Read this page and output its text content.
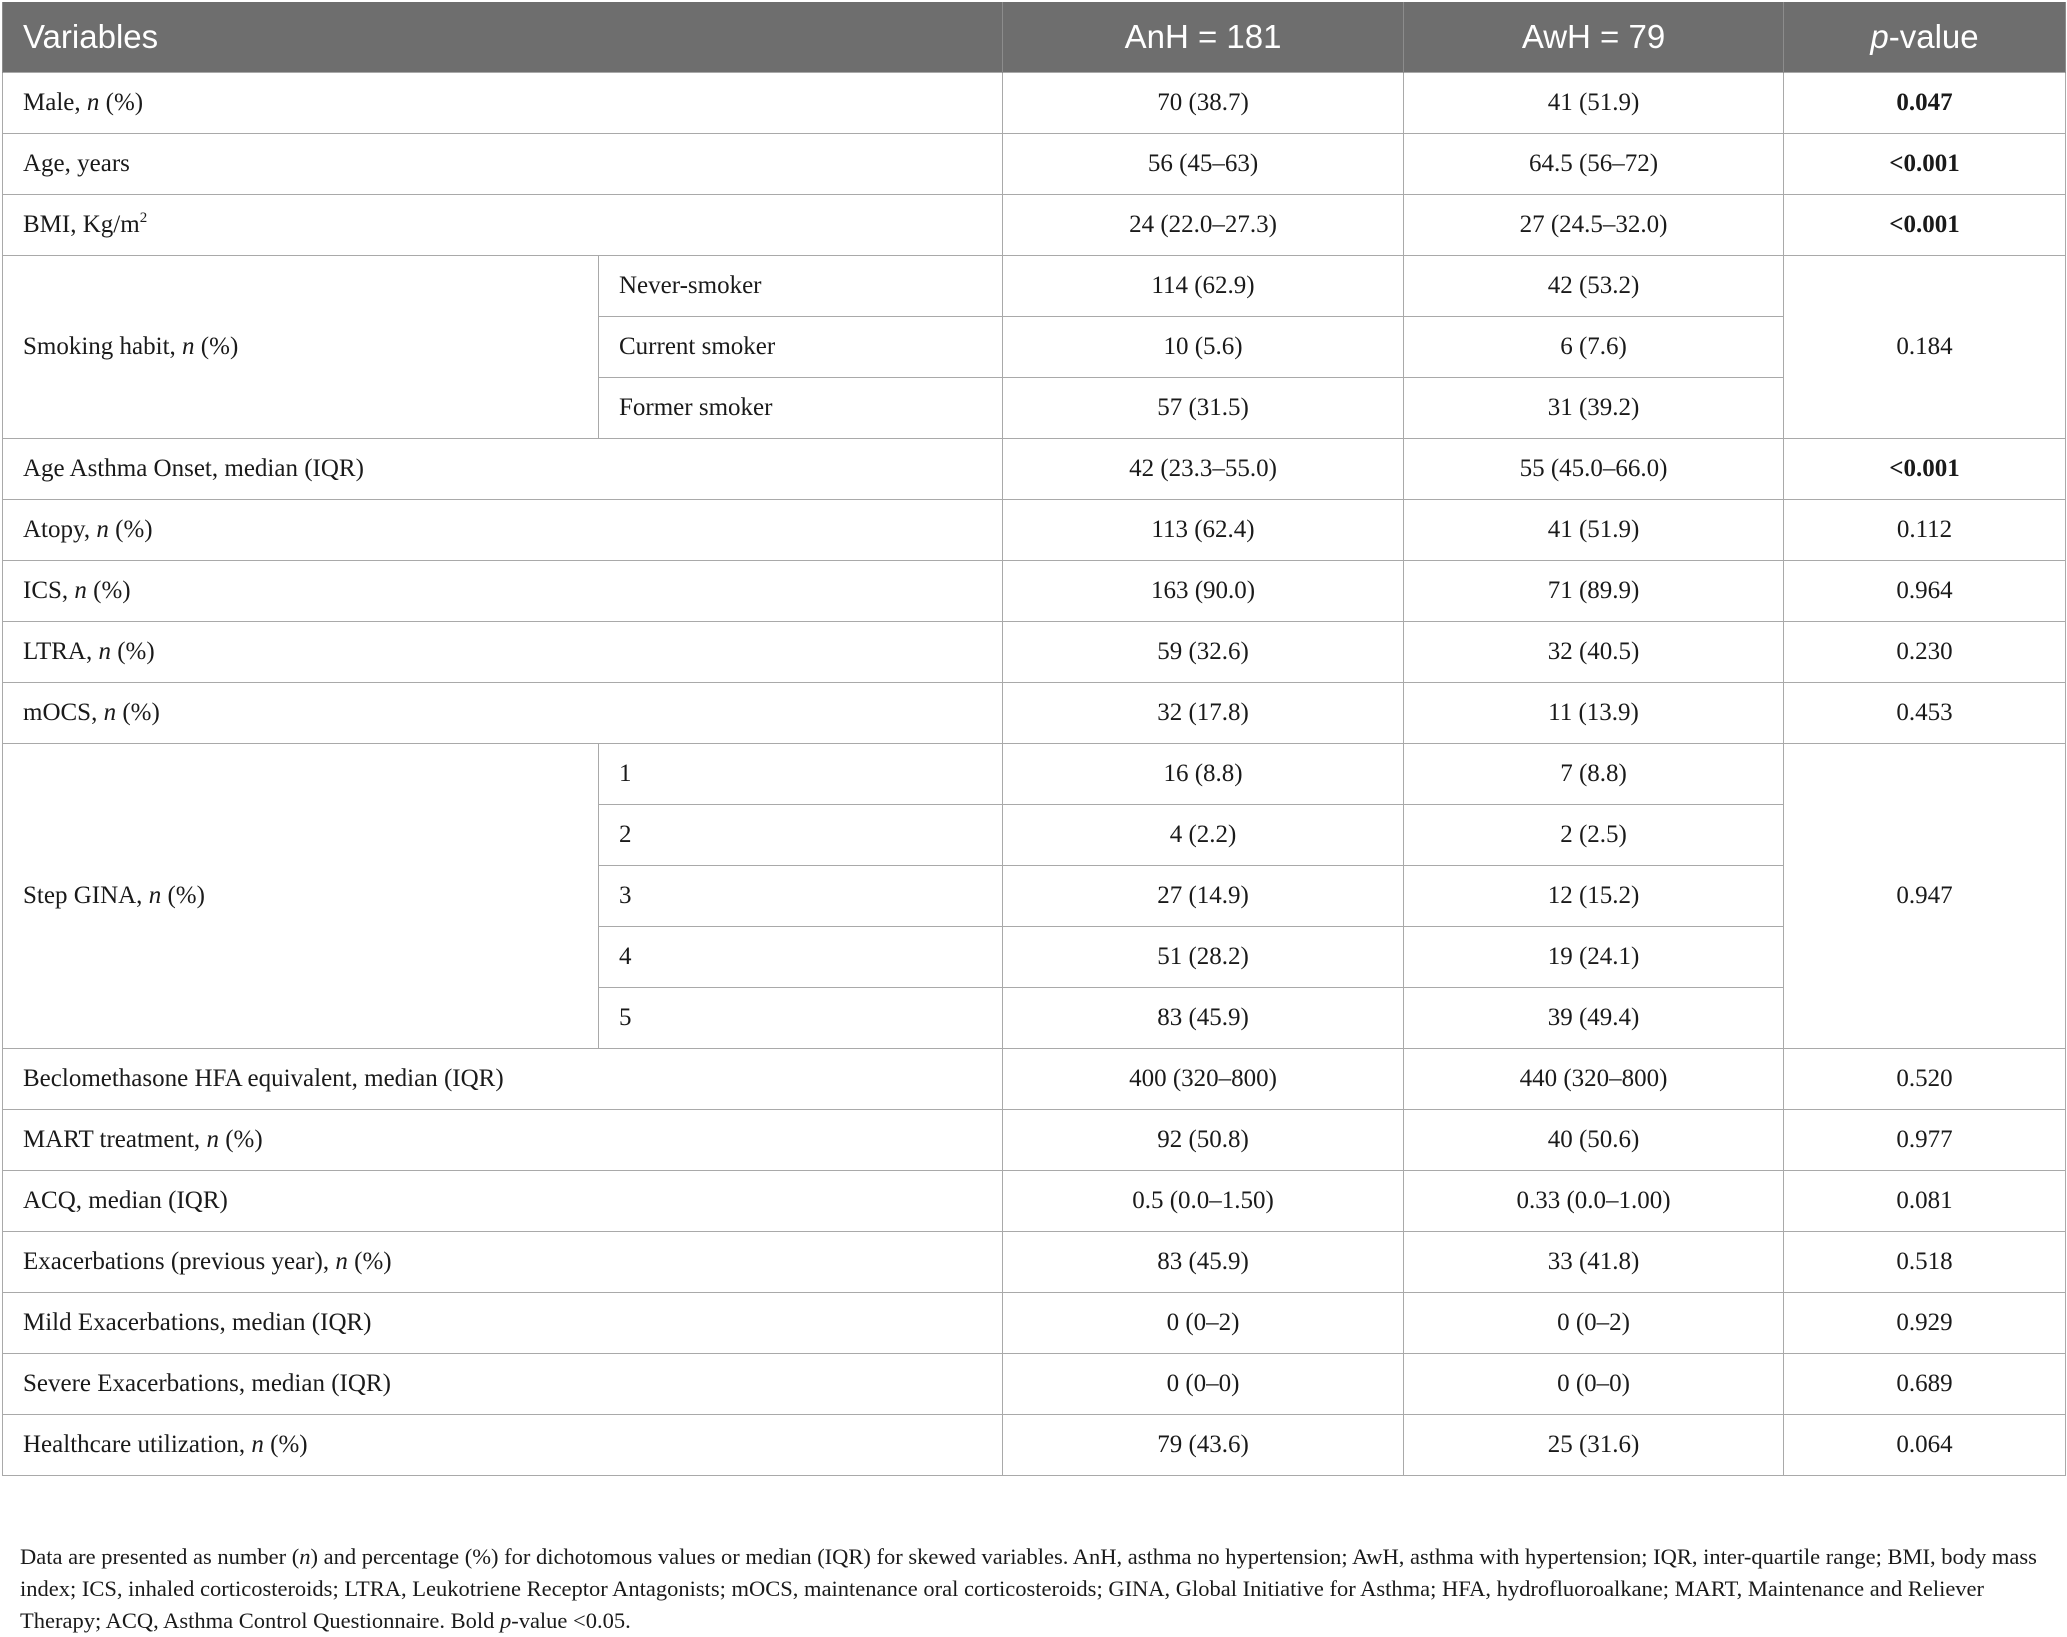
Variables		AnH = 181	AwH = 79	p-value
Male, n (%)		70 (38.7)	41 (51.9)	0.047
Age, years		56 (45–63)	64.5 (56–72)	<0.001
BMI, $Kg/m^2$		24 (22.0–27.3)	27 (24.5–32.0)	<0.001
Smoking habit, n (%)	Never-smoker	114 (62.9)	42 (53.2)	0.184
	Current smoker	10 (5.6)	6 (7.6)	
	Former smoker	57 (31.5)	31 (39.2)	
Age Asthma Onset, median (IQR)		42 (23.3–55.0)	55 (45.0–66.0)	<0.001
Atopy, n (%)		113 (62.4)	41 (51.9)	0.112
ICS, n (%)		163 (90.0)	71 (89.9)	0.964
LTRA, n (%)		59 (32.6)	32 (40.5)	0.230
mOCS, n (%)		32 (17.8)	11 (13.9)	0.453
Step GINA, n (%)	1	16 (8.8)	7 (8.8)	0.947
	2	4 (2.2)	2 (2.5)	
	3	27 (14.9)	12 (15.2)	
	4	51 (28.2)	19 (24.1)	
	5	83 (45.9)	39 (49.4)	
Beclomethasone HFA equivalent, median (IQR)		400 (320–800)	440 (320–800)	0.520
MART treatment, n (%)		92 (50.8)	40 (50.6)	0.977
ACQ, median (IQR)		0.5 (0.0–1.50)	0.33 (0.0–1.00)	0.081
Exacerbations (previous year), n (%)		83 (45.9)	33 (41.8)	0.518
Mild Exacerbations, median (IQR)		0 (0–2)	0 (0–2)	0.929
Severe Exacerbations, median (IQR)		0 (0–0)	0 (0–0)	0.689
Healthcare utilization, n (%)		79 (43.6)	25 (31.6)	0.064
Data are presented as number (n) and percentage (%) for dichotomous values or median (IQR) for skewed variables. AnH, asthma no hypertension; AwH, asthma with hypertension; IQR, inter-quartile range; BMI, body mass index; ICS, inhaled corticosteroids; LTRA, Leukotriene Receptor Antagonists; mOCS, maintenance oral corticosteroids; GINA, Global Initiative for Asthma; HFA, hydrofluoroalkane; MART, Maintenance and Reliever Therapy; ACQ, Asthma Control Questionnaire. Bold p-value <0.05.
